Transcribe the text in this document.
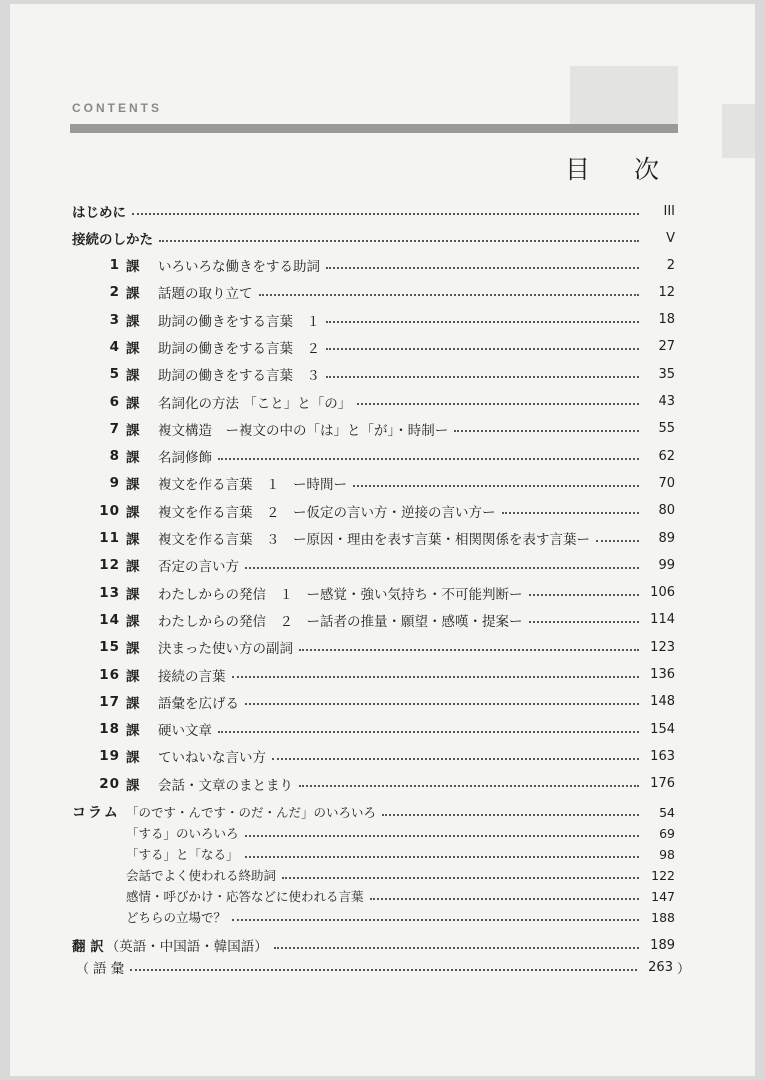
CONTENTS
目 次
はじめに	III
接続のしかた	V
1 課	いろいろな働きをする助詞	2
2 課	話題の取り立て	12
3 課	助詞の働きをする言葉　１	18
4 課	助詞の働きをする言葉　２	27
5 課	助詞の働きをする言葉　３	35
6 課	名詞化の方法 「こと」と「の」	43
7 課	複文構造　ー複文の中の「は」と「が」・時制ー	55
8 課	名詞修飾	62
9 課	複文を作る言葉　１　ー時間ー	70
10 課	複文を作る言葉　２　ー仮定の言い方・逆接の言い方ー	80
11 課	複文を作る言葉　３　ー原因・理由を表す言葉・相関関係を表す言葉ー	89
12 課	否定の言い方	99
13 課	わたしからの発信　１　ー感覚・強い気持ち・不可能判断ー	106
14 課	わたしからの発信　２　ー話者の推量・願望・感嘆・提案ー	114
15 課	決まった使い方の副詞	123
16 課	接続の言葉	136
17 課	語彙を広げる	148
18 課	硬い文章	154
19 課	ていねいな言い方	163
20 課	会話・文章のまとまり	176
コラム 「のです・んです・のだ・んだ」のいろいろ	54
「する」のいろいろ	69
「する」と「なる」	98
会話でよく使われる終助詞	122
感情・呼びかけ・応答などに使われる言葉	147
どちらの立場で？	188
翻 訳 （英語・中国語・韓国語）	189
（ 語 彙	263 ）
